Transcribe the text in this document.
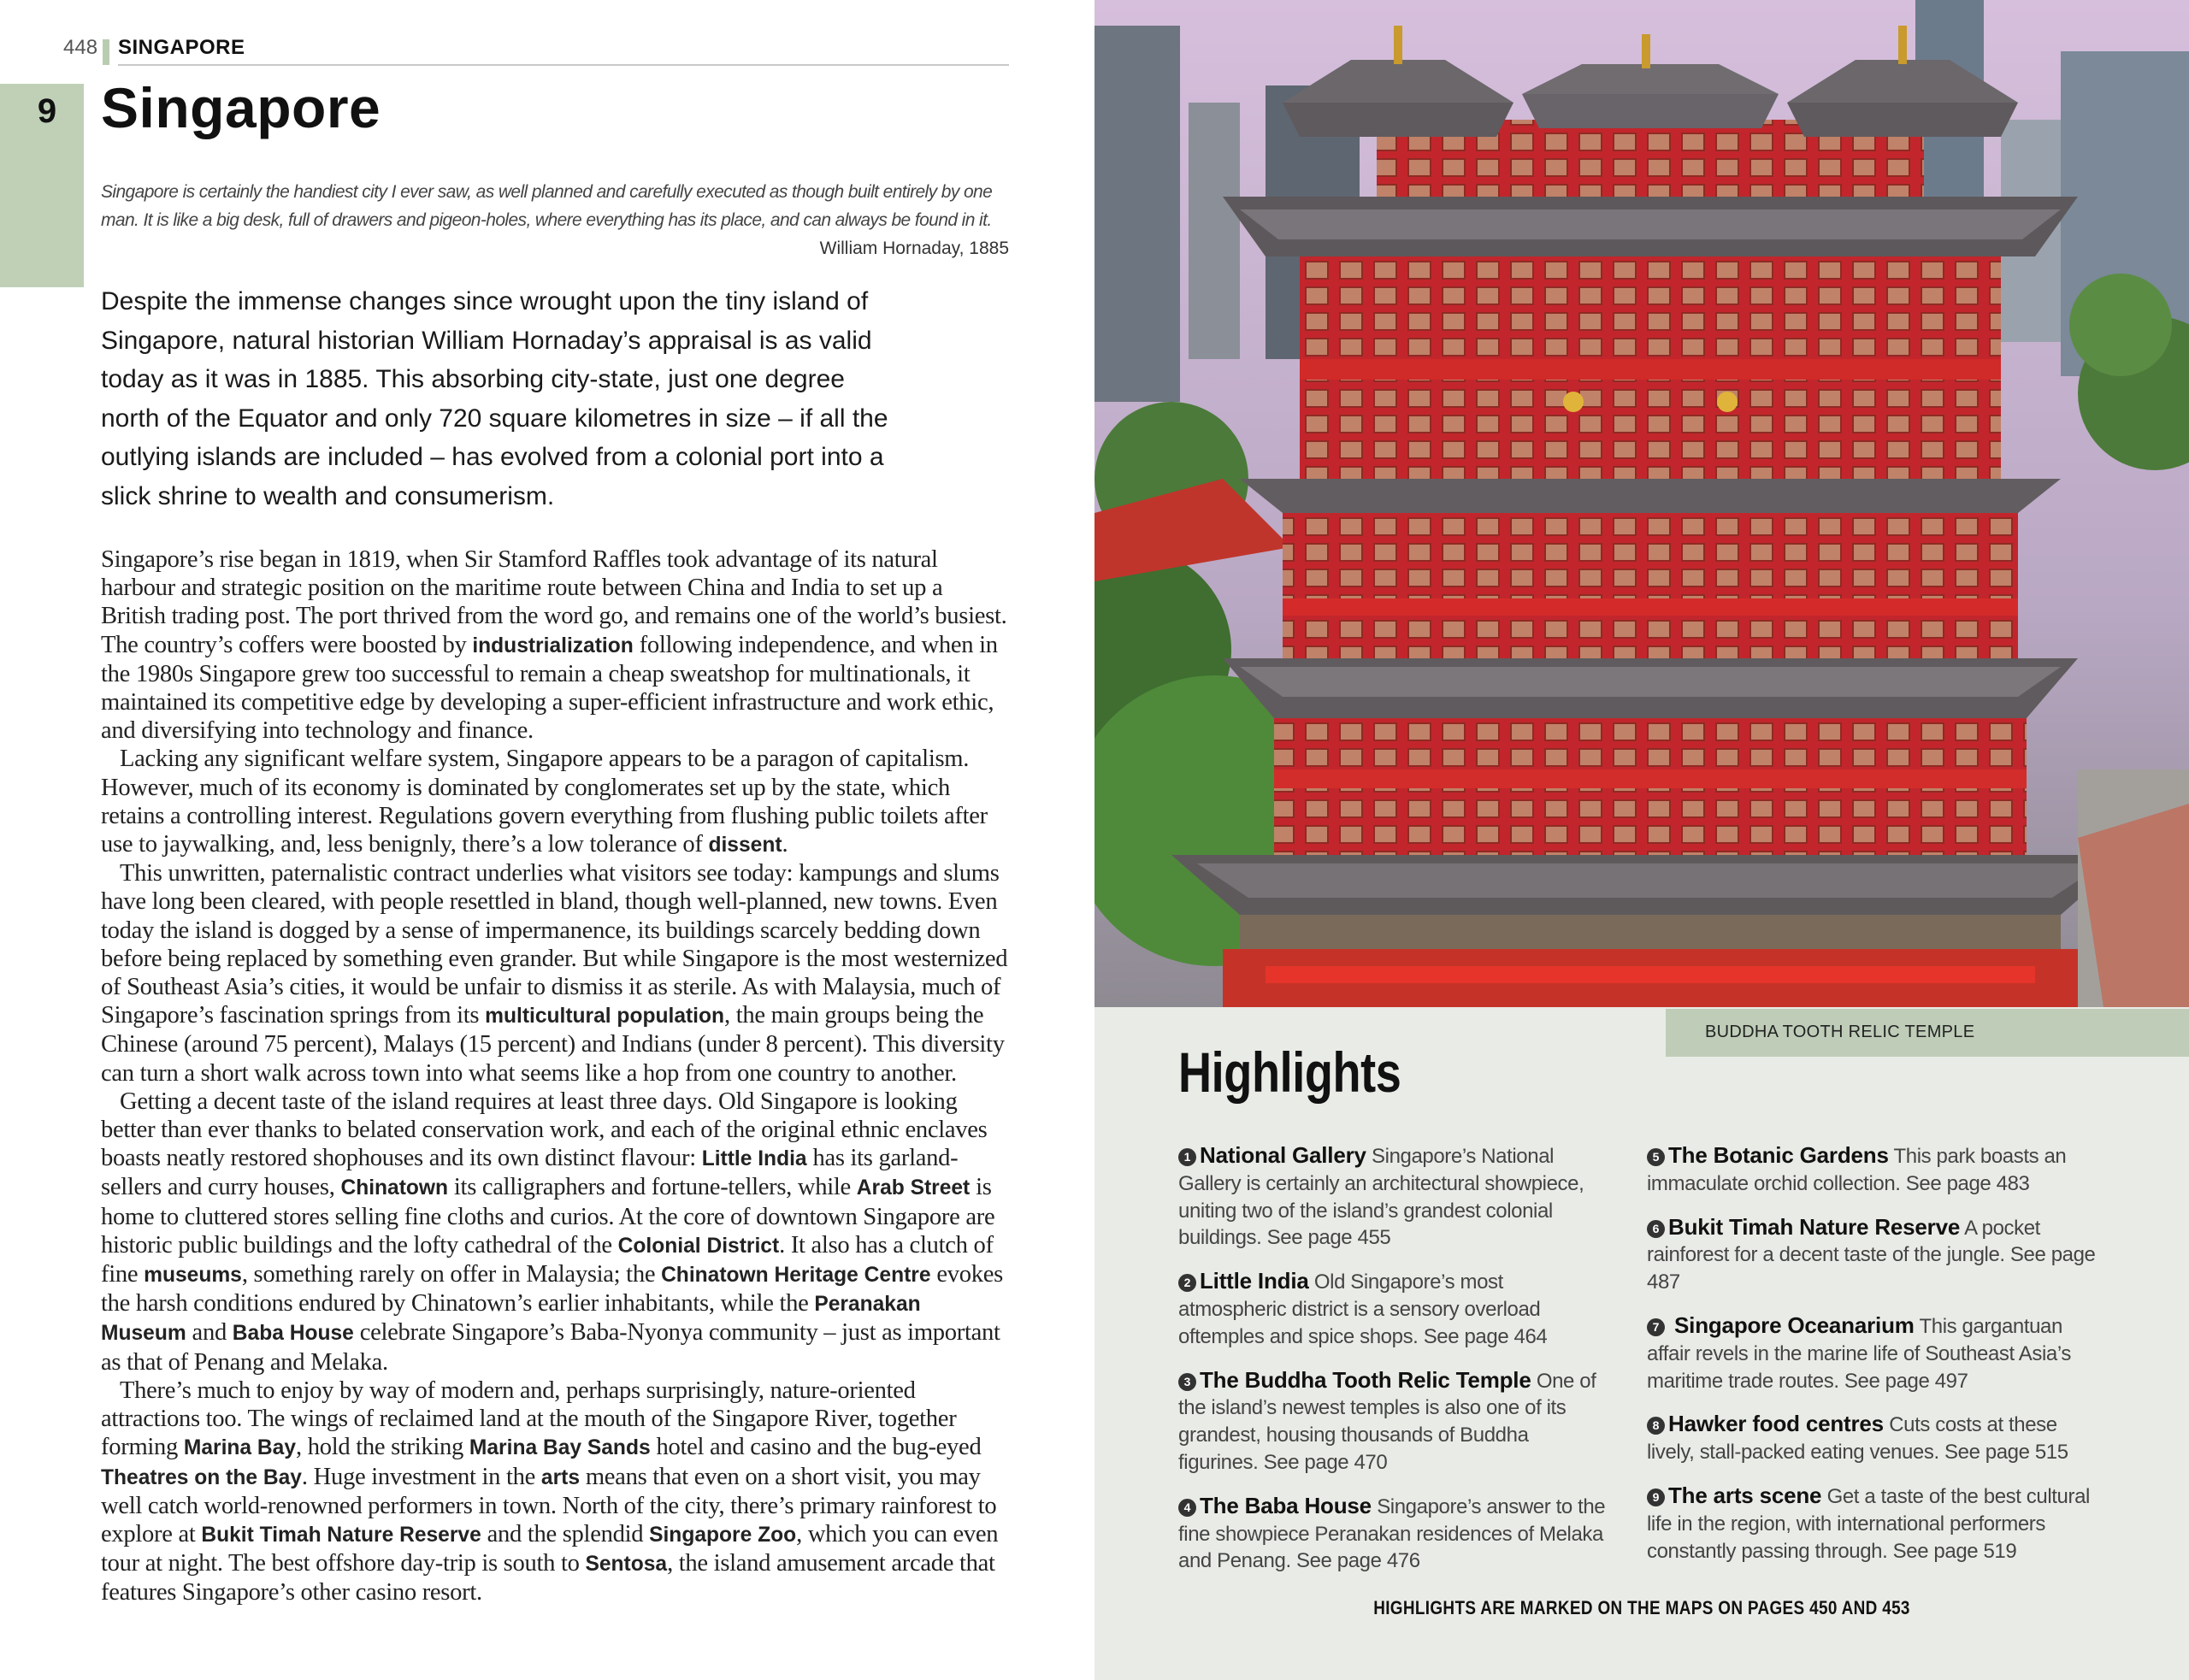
448 SINGAPORE
9 Singapore

Singapore is certainly the handiest city I ever saw, as well planned and carefully executed as though built entirely by one man. It is like a big desk, full of drawers and pigeon-holes, where everything has its place, and can always be found in it.

William Hornaday, 1885

Despite the immense changes since wrought upon the tiny island of Singapore, natural historian William Hornaday’s appraisal is as valid today as it was in 1885. This absorbing city-state, just one degree north of the Equator and only 720 square kilometres in size – if all the outlying islands are included – has evolved from a colonial port into a slick shrine to wealth and consumerism.

Singapore’s rise began in 1819, when Sir Stamford Raffles took advantage of its natural harbour and strategic position on the maritime route between China and India to set up a British trading post. The port thrived from the word go, and remains one of the world’s busiest. The country’s coffers were boosted by industrialization following independence, and when in the 1980s Singapore grew too successful to remain a cheap sweatshop for multinationals, it maintained its competitive edge by developing a super-efficient infrastructure and work ethic, and diversifying into technology and finance.

Lacking any significant welfare system, Singapore appears to be a paragon of capitalism. However, much of its economy is dominated by conglomerates set up by the state, which retains a controlling interest. Regulations govern everything from flushing public toilets after use to jaywalking, and, less benignly, there’s a low tolerance of dissent.

This unwritten, paternalistic contract underlies what visitors see today: kampungs and slums have long been cleared, with people resettled in bland, though well-planned, new towns. Even today the island is dogged by a sense of impermanence, its buildings scarcely bedding down before being replaced by something even grander. But while Singapore is the most westernized of Southeast Asia’s cities, it would be unfair to dismiss it as sterile. As with Malaysia, much of Singapore’s fascination springs from its multicultural population, the main groups being the Chinese (around 75 percent), Malays (15 percent) and Indians (under 8 percent). This diversity can turn a short walk across town into what seems like a hop from one country to another.

Getting a decent taste of the island requires at least three days. Old Singapore is looking better than ever thanks to belated conservation work, and each of the original ethnic enclaves boasts neatly restored shophouses and its own distinct flavour: Little India has its garland-sellers and curry houses, Chinatown its calligraphers and fortune-tellers, while Arab Street is home to cluttered stores selling fine cloths and curios. At the core of downtown Singapore are historic public buildings and the lofty cathedral of the Colonial District. It also has a clutch of fine museums, something rarely on offer in Malaysia; the Chinatown Heritage Centre evokes the harsh conditions endured by Chinatown’s earlier inhabitants, while the Peranakan Museum and Baba House celebrate Singapore’s Baba-Nyonya community – just as important as that of Penang and Melaka.

There’s much to enjoy by way of modern and, perhaps surprisingly, nature-oriented attractions too. The wings of reclaimed land at the mouth of the Singapore River, together forming Marina Bay, hold the striking Marina Bay Sands hotel and casino and the bug-eyed Theatres on the Bay. Huge investment in the arts means that even on a short visit, you may well catch world-renowned performers in town. North of the city, there’s primary rainforest to explore at Bukit Timah Nature Reserve and the splendid Singapore Zoo, which you can even tour at night. The best offshore day-trip is south to Sentosa, the island amusement arcade that features Singapore’s other casino resort.

Highlights
1 National Gallery Singapore’s National Gallery is certainly an architectural showpiece, uniting two of the island’s grandest colonial buildings. See page 455
2 Little India Old Singapore’s most atmospheric district is a sensory overload oftemples and spice shops. See page 464
3 The Buddha Tooth Relic Temple One of the island’s newest temples is also one of its grandest, housing thousands of Buddha figurines. See page 470
4 The Baba House Singapore’s answer to the fine showpiece Peranakan residences of Melaka and Penang. See page 476
5 The Botanic Gardens This park boasts an immaculate orchid collection. See page 483
6 Bukit Timah Nature Reserve A pocket rainforest for a decent taste of the jungle. See page 487
7 Singapore Oceanarium This gargantuan affair revels in the marine life of Southeast Asia’s maritime trade routes. See page 497
8 Hawker food centres Cuts costs at these lively, stall-packed eating venues. See page 515
9 The arts scene Get a taste of the best cultural life in the region, with international performers constantly passing through. See page 519
HIGHLIGHTS ARE MARKED ON THE MAPS ON PAGES 450 AND 453
BUDDHA TOOTH RELIC TEMPLE
